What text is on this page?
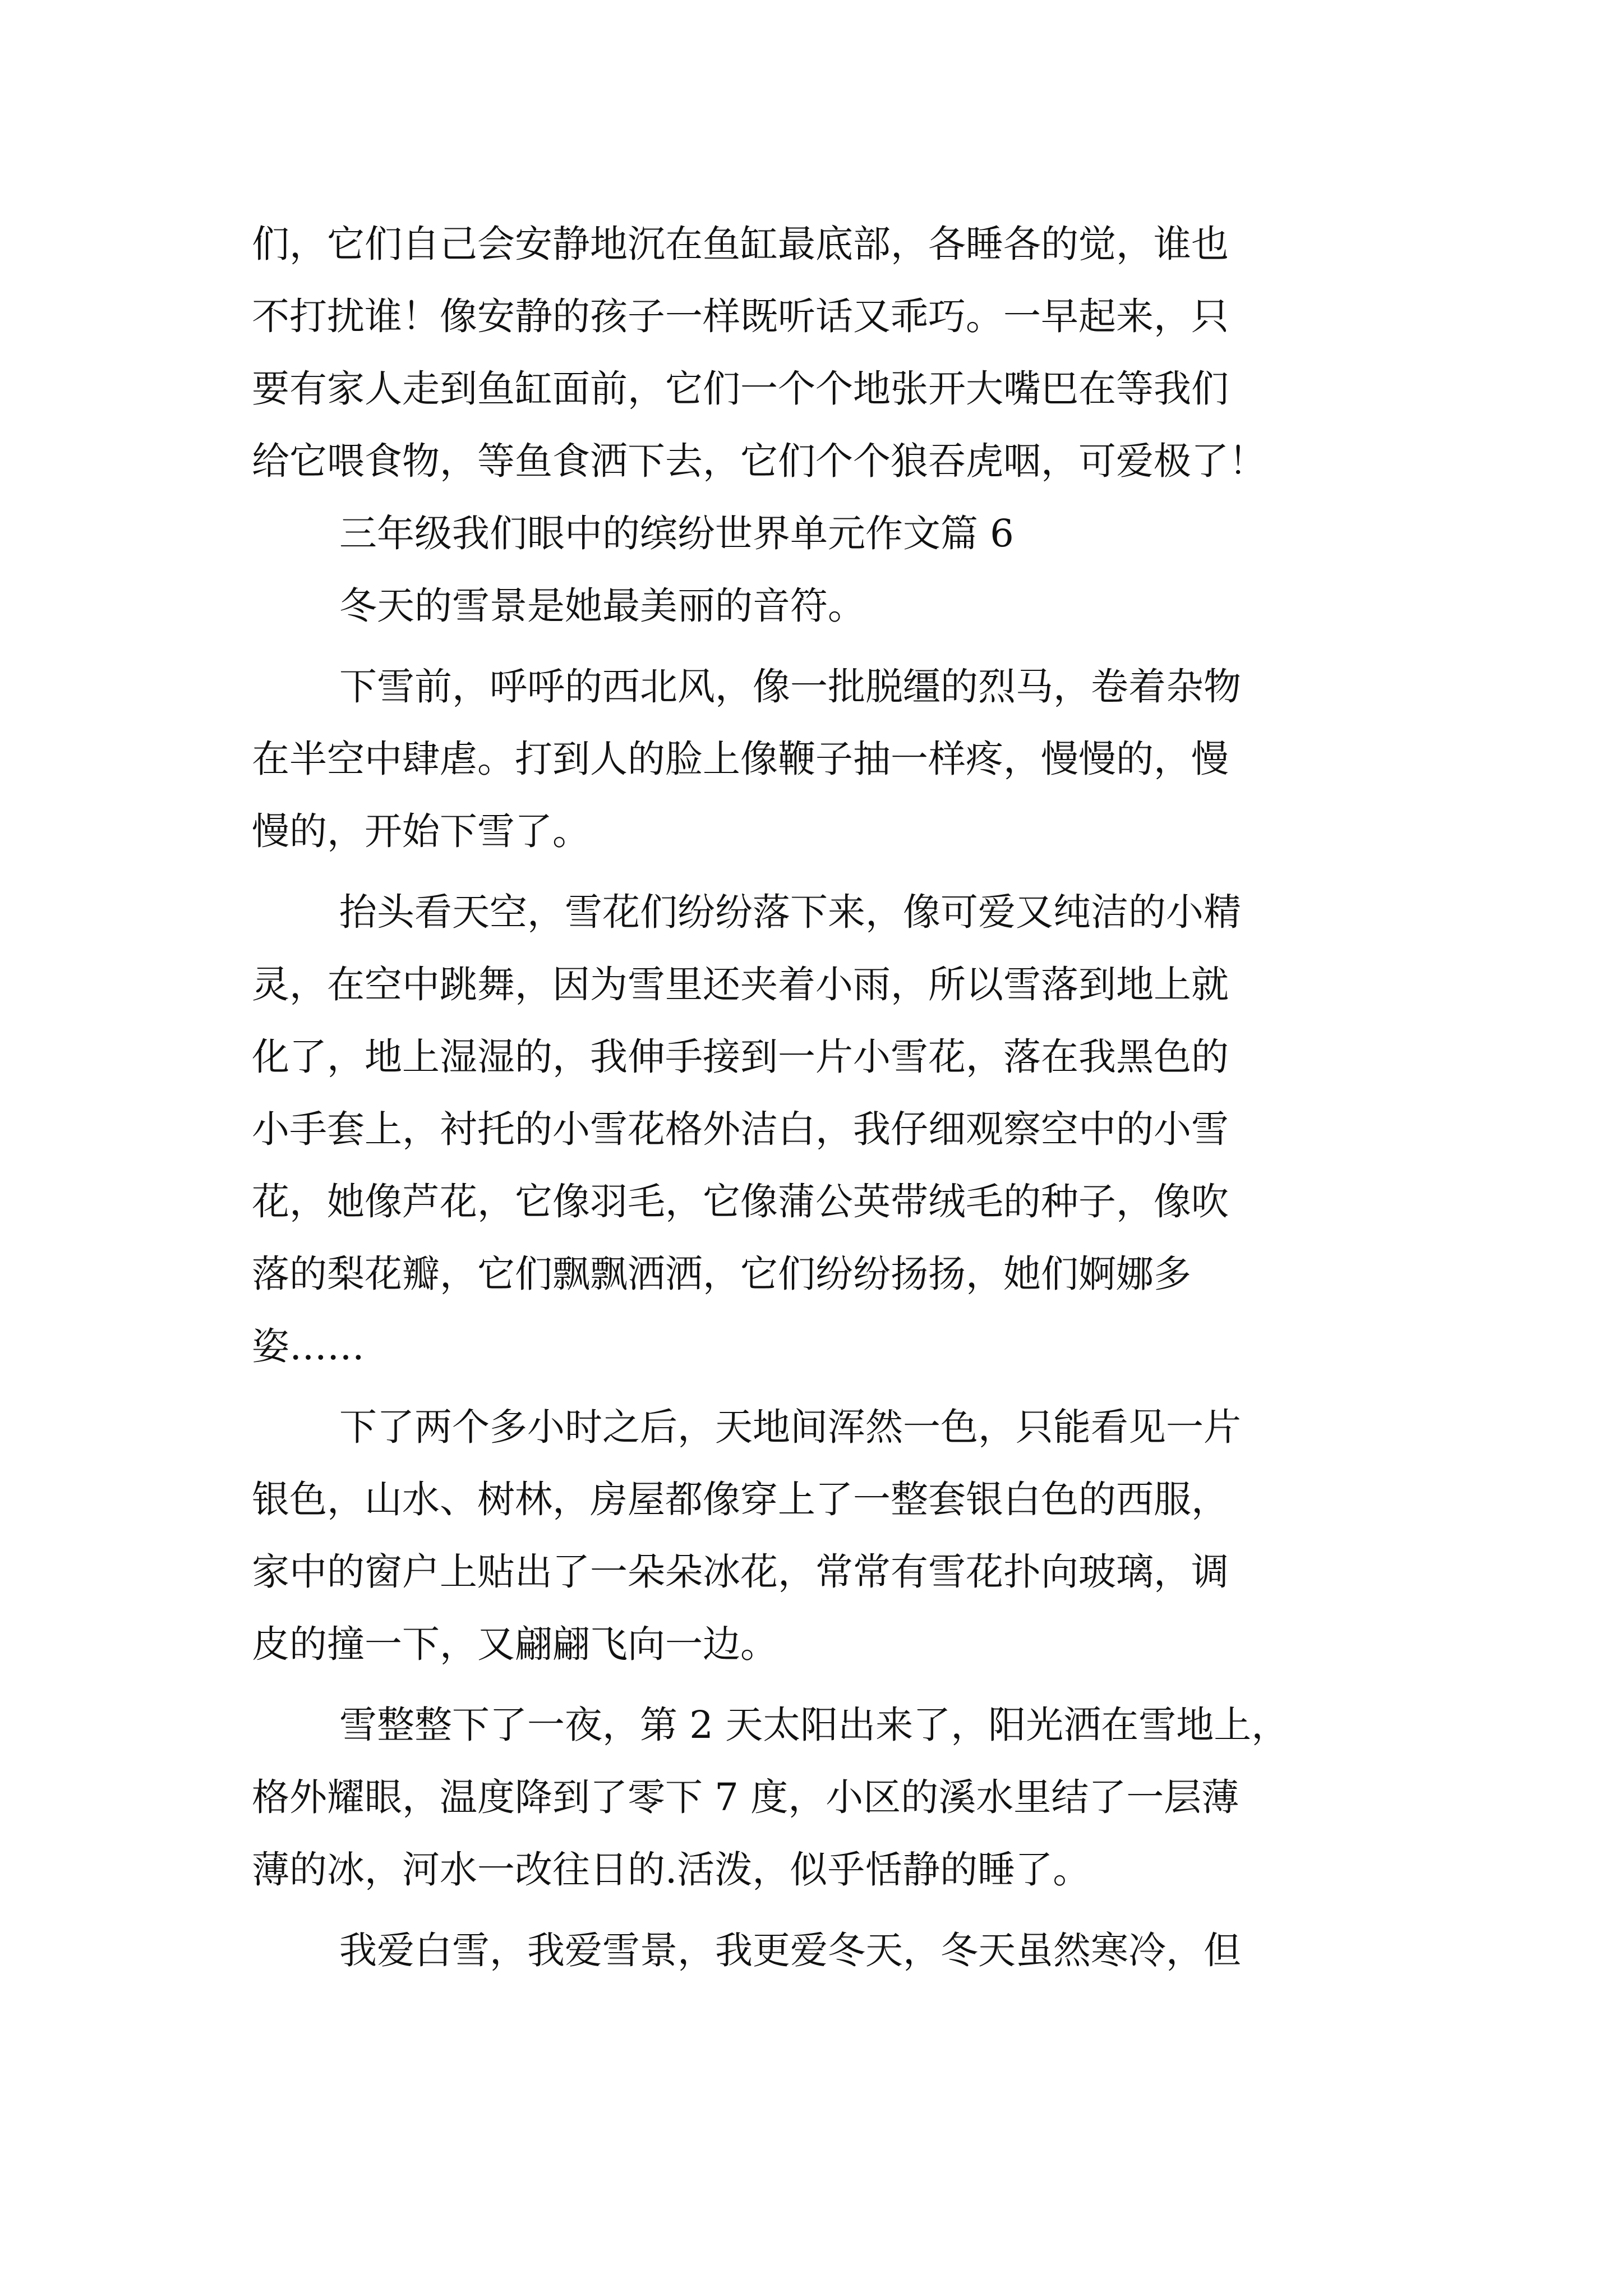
们，它们自己会安静地沉在鱼缸最底部，各睡各的觉，谁也
不打扰谁！像安静的孩子一样既听话又乖巧。一早起来，只
要有家人走到鱼缸面前，它们一个个地张开大嘴巴在等我们
给它喂食物，等鱼食洒下去，它们个个狼吞虎咽，可爱极了！
三年级我们眼中的缤纷世界单元作文篇 6
冬天的雪景是她最美丽的音符。
下雪前，呼呼的西北风，像一批脱缰的烈马，卷着杂物
在半空中肆虐。打到人的脸上像鞭子抽一样疼，慢慢的，慢
慢的，开始下雪了。
抬头看天空，雪花们纷纷落下来，像可爱又纯洁的小精
灵，在空中跳舞，因为雪里还夹着小雨，所以雪落到地上就
化了，地上湿湿的，我伸手接到一片小雪花，落在我黑色的
小手套上，衬托的小雪花格外洁白，我仔细观察空中的小雪
花，她像芦花，它像羽毛，它像蒲公英带绒毛的种子，像吹
落的梨花瓣，它们飘飘洒洒，它们纷纷扬扬，她们婀娜多
姿……
下了两个多小时之后，天地间浑然一色，只能看见一片
银色，山水、树林，房屋都像穿上了一整套银白色的西服，
家中的窗户上贴出了一朵朵冰花，常常有雪花扑向玻璃，调
皮的撞一下，又翩翩飞向一边。
雪整整下了一夜，第 2 天太阳出来了，阳光洒在雪地上，
格外耀眼，温度降到了零下 7 度，小区的溪水里结了一层薄
薄的冰，河水一改往日的.活泼，似乎恬静的睡了。
我爱白雪，我爱雪景，我更爱冬天，冬天虽然寒冷，但
